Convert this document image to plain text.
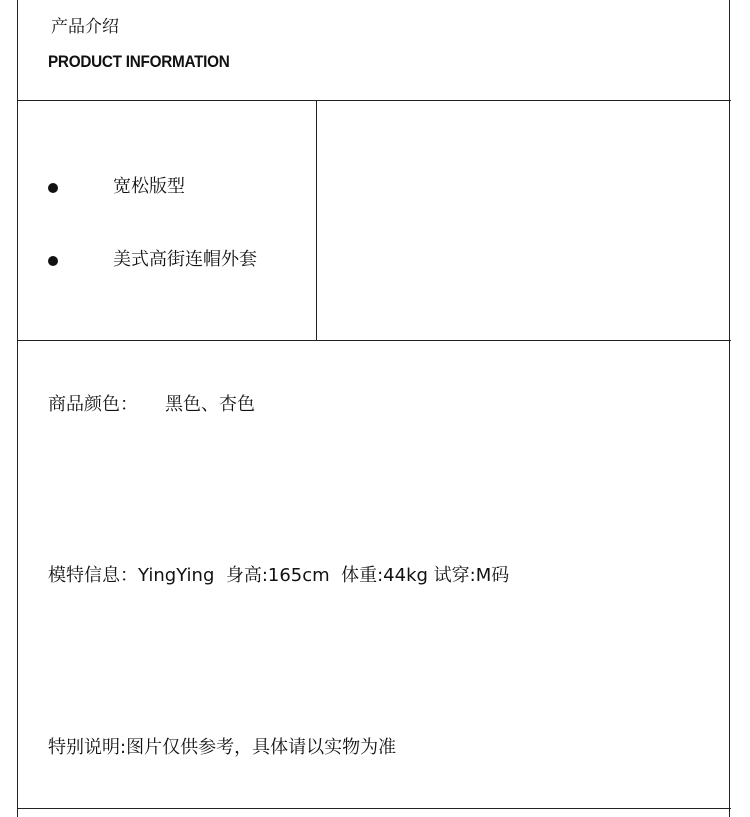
产品介绍
PRODUCT INFORMATION
宽松版型
美式高街连帽外套
商品颜色： 黑色、杏色
模特信息：YingYing  身高:165cm  体重:44kg 试穿:M码
特别说明:图片仅供参考，具体请以实物为准
